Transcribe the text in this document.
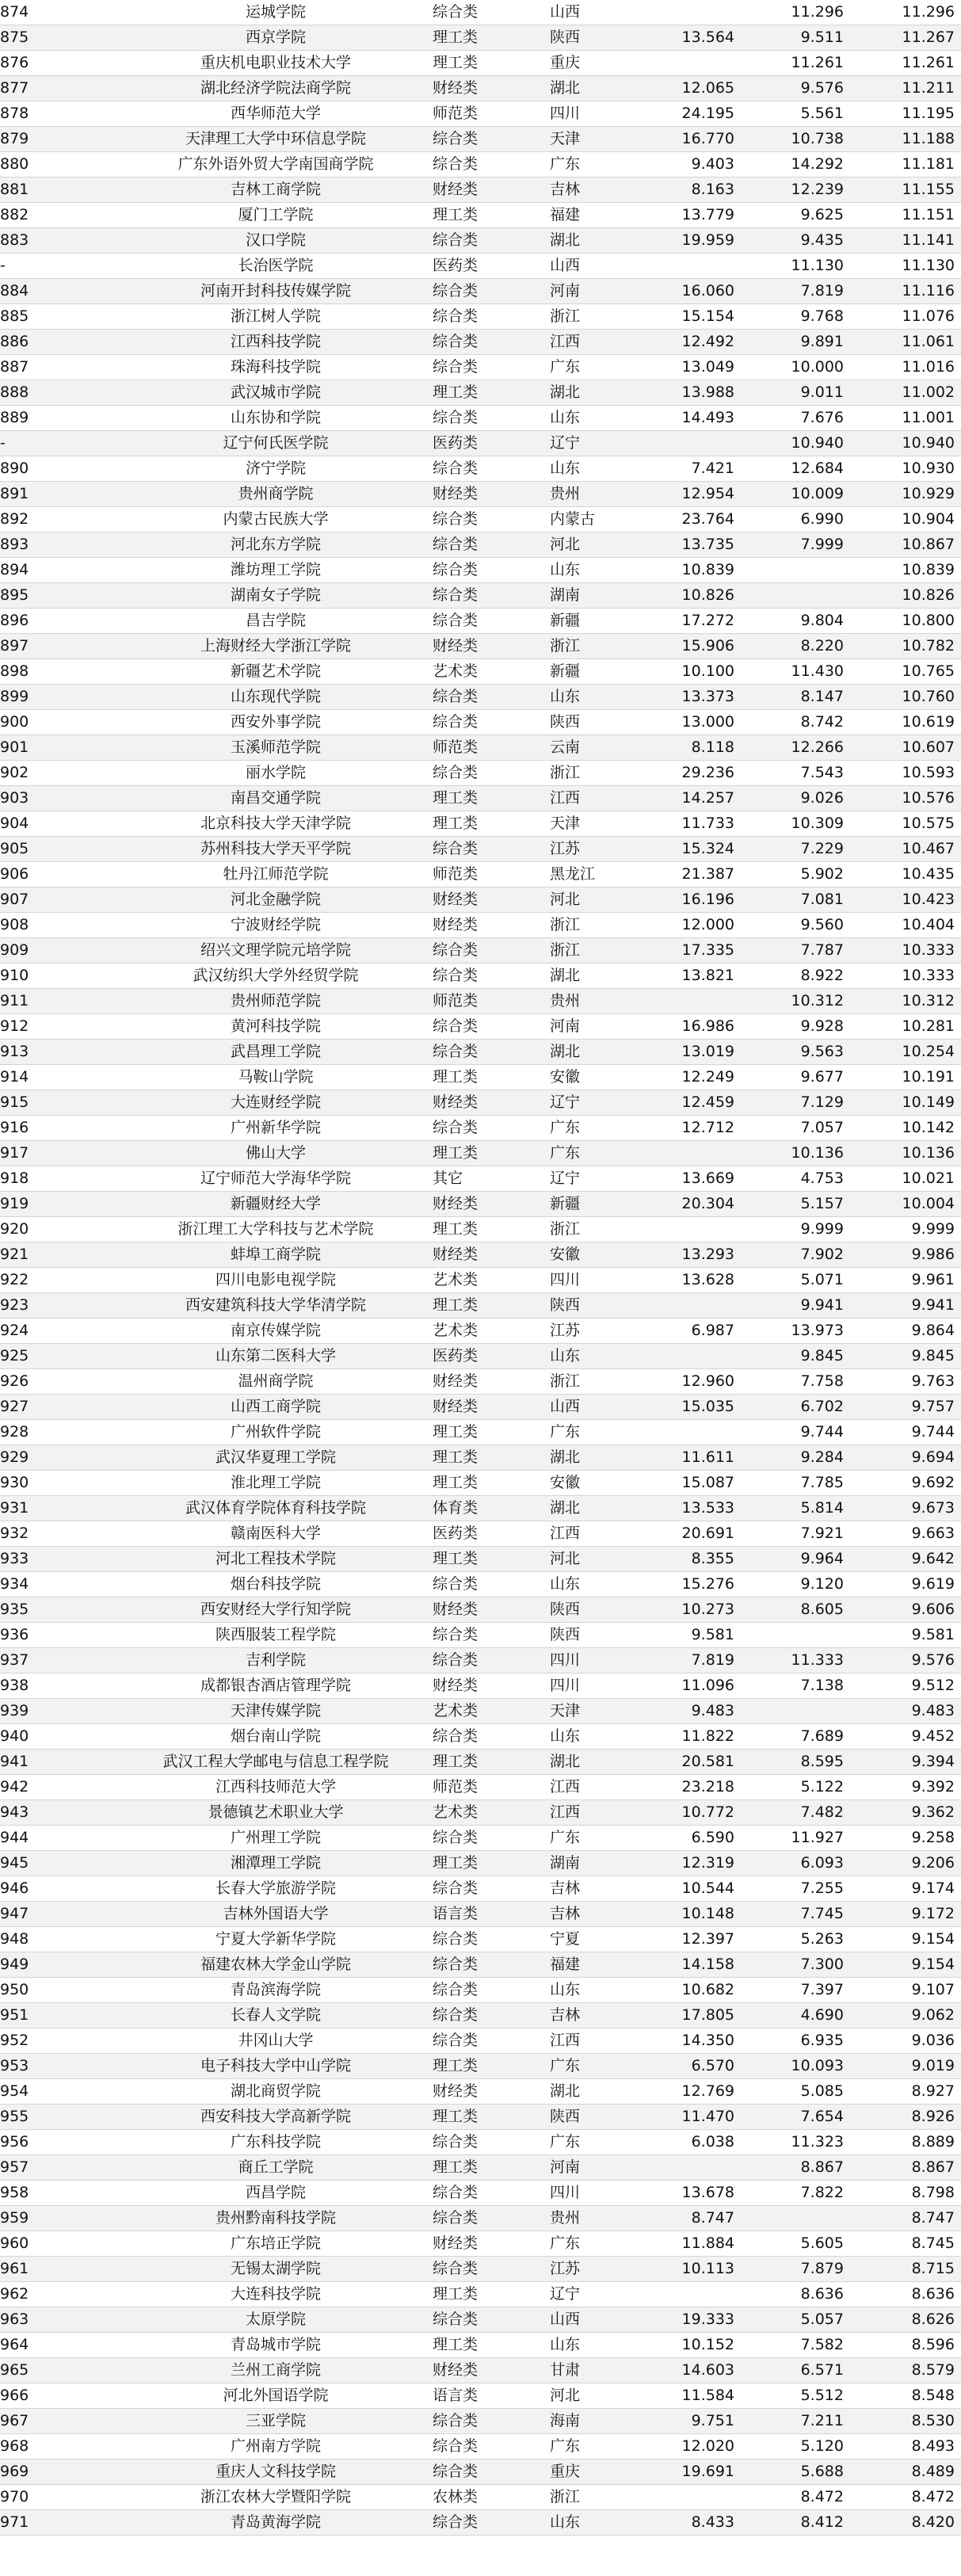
874	运城学院	综合类	山西		11.296	11.296
875	西京学院	理工类	陕西	13.564	9.511	11.267
876	重庆机电职业技术大学	理工类	重庆		11.261	11.261
877	湖北经济学院法商学院	财经类	湖北	12.065	9.576	11.211
878	西华师范大学	师范类	四川	24.195	5.561	11.195
879	天津理工大学中环信息学院	综合类	天津	16.770	10.738	11.188
880	广东外语外贸大学南国商学院	综合类	广东	9.403	14.292	11.181
881	吉林工商学院	财经类	吉林	8.163	12.239	11.155
882	厦门工学院	理工类	福建	13.779	9.625	11.151
883	汉口学院	综合类	湖北	19.959	9.435	11.141
-	长治医学院	医药类	山西		11.130	11.130
884	河南开封科技传媒学院	综合类	河南	16.060	7.819	11.116
885	浙江树人学院	综合类	浙江	15.154	9.768	11.076
886	江西科技学院	综合类	江西	12.492	9.891	11.061
887	珠海科技学院	综合类	广东	13.049	10.000	11.016
888	武汉城市学院	理工类	湖北	13.988	9.011	11.002
889	山东协和学院	综合类	山东	14.493	7.676	11.001
-	辽宁何氏医学院	医药类	辽宁		10.940	10.940
890	济宁学院	综合类	山东	7.421	12.684	10.930
891	贵州商学院	财经类	贵州	12.954	10.009	10.929
892	内蒙古民族大学	综合类	内蒙古	23.764	6.990	10.904
893	河北东方学院	综合类	河北	13.735	7.999	10.867
894	潍坊理工学院	综合类	山东	10.839		10.839
895	湖南女子学院	综合类	湖南	10.826		10.826
896	昌吉学院	综合类	新疆	17.272	9.804	10.800
897	上海财经大学浙江学院	财经类	浙江	15.906	8.220	10.782
898	新疆艺术学院	艺术类	新疆	10.100	11.430	10.765
899	山东现代学院	综合类	山东	13.373	8.147	10.760
900	西安外事学院	综合类	陕西	13.000	8.742	10.619
901	玉溪师范学院	师范类	云南	8.118	12.266	10.607
902	丽水学院	综合类	浙江	29.236	7.543	10.593
903	南昌交通学院	理工类	江西	14.257	9.026	10.576
904	北京科技大学天津学院	理工类	天津	11.733	10.309	10.575
905	苏州科技大学天平学院	综合类	江苏	15.324	7.229	10.467
906	牡丹江师范学院	师范类	黑龙江	21.387	5.902	10.435
907	河北金融学院	财经类	河北	16.196	7.081	10.423
908	宁波财经学院	财经类	浙江	12.000	9.560	10.404
909	绍兴文理学院元培学院	综合类	浙江	17.335	7.787	10.333
910	武汉纺织大学外经贸学院	综合类	湖北	13.821	8.922	10.333
911	贵州师范学院	师范类	贵州		10.312	10.312
912	黄河科技学院	综合类	河南	16.986	9.928	10.281
913	武昌理工学院	综合类	湖北	13.019	9.563	10.254
914	马鞍山学院	理工类	安徽	12.249	9.677	10.191
915	大连财经学院	财经类	辽宁	12.459	7.129	10.149
916	广州新华学院	综合类	广东	12.712	7.057	10.142
917	佛山大学	理工类	广东		10.136	10.136
918	辽宁师范大学海华学院	其它	辽宁	13.669	4.753	10.021
919	新疆财经大学	财经类	新疆	20.304	5.157	10.004
920	浙江理工大学科技与艺术学院	理工类	浙江		9.999	9.999
921	蚌埠工商学院	财经类	安徽	13.293	7.902	9.986
922	四川电影电视学院	艺术类	四川	13.628	5.071	9.961
923	西安建筑科技大学华清学院	理工类	陕西		9.941	9.941
924	南京传媒学院	艺术类	江苏	6.987	13.973	9.864
925	山东第二医科大学	医药类	山东		9.845	9.845
926	温州商学院	财经类	浙江	12.960	7.758	9.763
927	山西工商学院	财经类	山西	15.035	6.702	9.757
928	广州软件学院	理工类	广东		9.744	9.744
929	武汉华夏理工学院	理工类	湖北	11.611	9.284	9.694
930	淮北理工学院	理工类	安徽	15.087	7.785	9.692
931	武汉体育学院体育科技学院	体育类	湖北	13.533	5.814	9.673
932	赣南医科大学	医药类	江西	20.691	7.921	9.663
933	河北工程技术学院	理工类	河北	8.355	9.964	9.642
934	烟台科技学院	综合类	山东	15.276	9.120	9.619
935	西安财经大学行知学院	财经类	陕西	10.273	8.605	9.606
936	陕西服装工程学院	综合类	陕西	9.581		9.581
937	吉利学院	综合类	四川	7.819	11.333	9.576
938	成都银杏酒店管理学院	财经类	四川	11.096	7.138	9.512
939	天津传媒学院	艺术类	天津	9.483		9.483
940	烟台南山学院	综合类	山东	11.822	7.689	9.452
941	武汉工程大学邮电与信息工程学院	理工类	湖北	20.581	8.595	9.394
942	江西科技师范大学	师范类	江西	23.218	5.122	9.392
943	景德镇艺术职业大学	艺术类	江西	10.772	7.482	9.362
944	广州理工学院	综合类	广东	6.590	11.927	9.258
945	湘潭理工学院	理工类	湖南	12.319	6.093	9.206
946	长春大学旅游学院	综合类	吉林	10.544	7.255	9.174
947	吉林外国语大学	语言类	吉林	10.148	7.745	9.172
948	宁夏大学新华学院	综合类	宁夏	12.397	5.263	9.154
949	福建农林大学金山学院	综合类	福建	14.158	7.300	9.154
950	青岛滨海学院	综合类	山东	10.682	7.397	9.107
951	长春人文学院	综合类	吉林	17.805	4.690	9.062
952	井冈山大学	综合类	江西	14.350	6.935	9.036
953	电子科技大学中山学院	理工类	广东	6.570	10.093	9.019
954	湖北商贸学院	财经类	湖北	12.769	5.085	8.927
955	西安科技大学高新学院	理工类	陕西	11.470	7.654	8.926
956	广东科技学院	综合类	广东	6.038	11.323	8.889
957	商丘工学院	理工类	河南		8.867	8.867
958	西昌学院	综合类	四川	13.678	7.822	8.798
959	贵州黔南科技学院	综合类	贵州	8.747		8.747
960	广东培正学院	财经类	广东	11.884	5.605	8.745
961	无锡太湖学院	综合类	江苏	10.113	7.879	8.715
962	大连科技学院	理工类	辽宁		8.636	8.636
963	太原学院	综合类	山西	19.333	5.057	8.626
964	青岛城市学院	理工类	山东	10.152	7.582	8.596
965	兰州工商学院	财经类	甘肃	14.603	6.571	8.579
966	河北外国语学院	语言类	河北	11.584	5.512	8.548
967	三亚学院	综合类	海南	9.751	7.211	8.530
968	广州南方学院	综合类	广东	12.020	5.120	8.493
969	重庆人文科技学院	综合类	重庆	19.691	5.688	8.489
970	浙江农林大学暨阳学院	农林类	浙江		8.472	8.472
971	青岛黄海学院	综合类	山东	8.433	8.412	8.420
